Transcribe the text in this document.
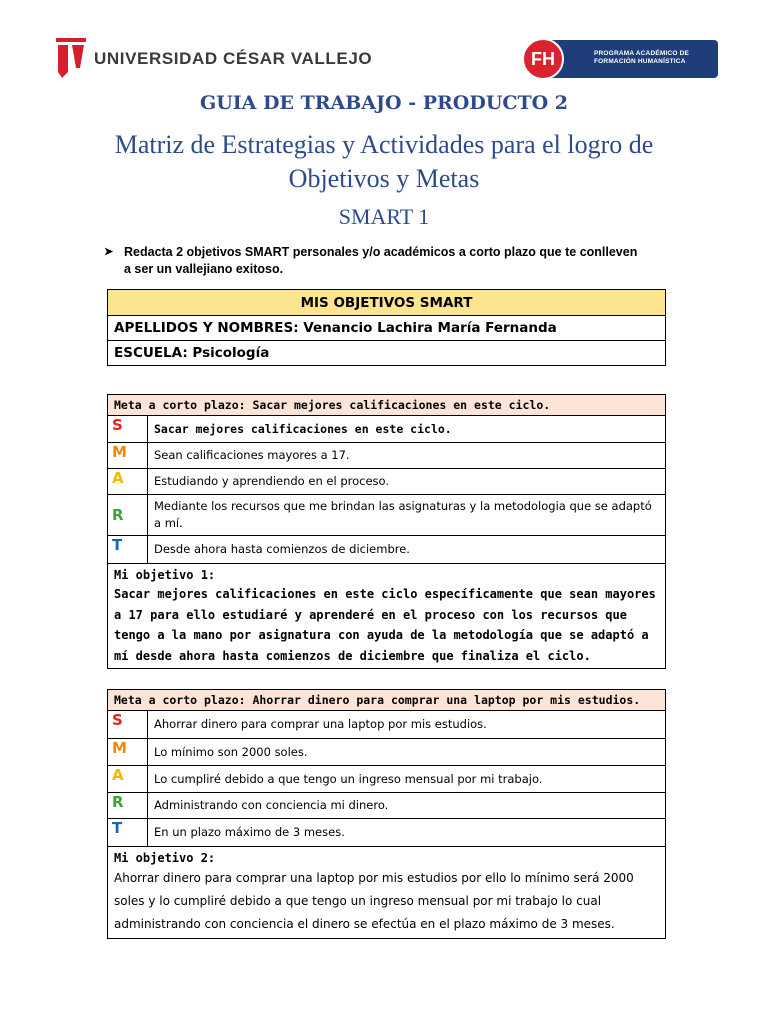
UNIVERSIDAD CÉSAR VALLEJO	FH	PROGRAMA ACADÉMICO DE FORMACIÓN HUMANÍSTICA
GUIA DE TRABAJO - PRODUCTO 2
Matriz de Estrategias y Actividades para el logro de Objetivos y Metas
SMART 1
➤ Redacta 2 objetivos SMART personales y/o académicos a corto plazo que te conlleven a ser un vallejiano exitoso.
MIS OBJETIVOS SMART
APELLIDOS Y NOMBRES: Venancio Lachira María Fernanda
ESCUELA: Psicología
Meta a corto plazo: Sacar mejores calificaciones en este ciclo.	
S	Sacar mejores calificaciones en este ciclo.
M	Sean calificaciones mayores a 17.
A	Estudiando y aprendiendo en el proceso.
R	Mediante los recursos que me brindan las asignaturas y la metodologia que se adaptó a mí.
T	Desde ahora hasta comienzos de diciembre.

Mi objetivo 1:
Sacar mejores calificaciones en este ciclo específicamente que sean mayores a 17 para ello estudiaré y aprenderé en el proceso con los recursos que tengo a la mano por asignatura con ayuda de la metodología que se adaptó a mí desde ahora hasta comienzos de diciembre que finaliza el ciclo.	
Meta a corto plazo: Ahorrar dinero para comprar una laptop por mis estudios.	
S	Ahorrar dinero para comprar una laptop por mis estudios.
M	Lo mínimo son 2000 soles.
A	Lo cumpliré debido a que tengo un ingreso mensual por mi trabajo.
R	Administrando con conciencia mi dinero.
T	En un plazo máximo de 3 meses.

Mi objetivo 2:
Ahorrar dinero para comprar una laptop por mis estudios por ello lo mínimo será 2000 soles y lo cumpliré debido a que tengo un ingreso mensual por mi trabajo lo cual administrando con conciencia el dinero se efectúa en el plazo máximo de 3 meses.	
